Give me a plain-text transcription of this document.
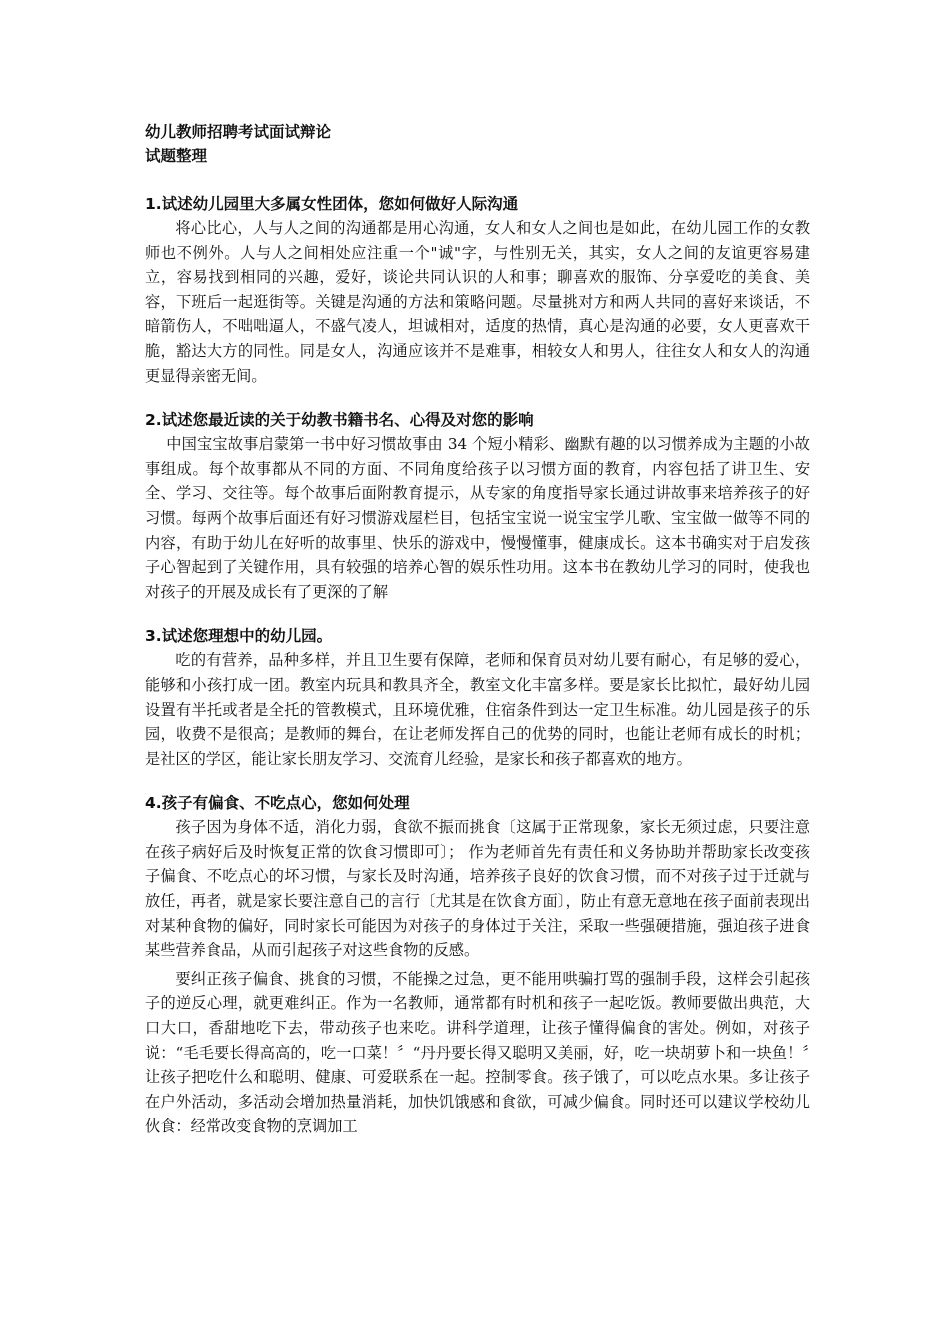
幼儿教师招聘考试面试辩论

试题整理

1.试述幼儿园里大多属女性团体，您如何做好人际沟通

将心比心，人与人之间的沟通都是用心沟通，女人和女人之间也是如此，在幼儿园工作的女教师也不例外。人与人之间相处应注重一个"诚"字，与性别无关，其实，女人之间的友谊更容易建立，容易找到相同的兴趣，爱好，谈论共同认识的人和事；聊喜欢的服饰、分享爱吃的美食、美容，下班后一起逛街等。关键是沟通的方法和策略问题。尽量挑对方和两人共同的喜好来谈话，不暗箭伤人，不咄咄逼人，不盛气凌人，坦诚相对，适度的热情，真心是沟通的必要，女人更喜欢干脆，豁达大方的同性。同是女人，沟通应该并不是难事，相较女人和男人，往往女人和女人的沟通更显得亲密无间。

2.试述您最近读的关于幼教书籍书名、心得及对您的影响

中国宝宝故事启蒙第一书中好习惯故事由 34 个短小精彩、幽默有趣的以习惯养成为主题的小故事组成。每个故事都从不同的方面、不同角度给孩子以习惯方面的教育，内容包括了讲卫生、安全、学习、交往等。每个故事后面附教育提示，从专家的角度指导家长通过讲故事来培养孩子的好习惯。每两个故事后面还有好习惯游戏屋栏目，包括宝宝说一说宝宝学儿歌、宝宝做一做等不同的内容，有助于幼儿在好听的故事里、快乐的游戏中，慢慢懂事，健康成长。这本书确实对于启发孩子心智起到了关键作用，具有较强的培养心智的娱乐性功用。这本书在教幼儿学习的同时，使我也对孩子的开展及成长有了更深的了解

3.试述您理想中的幼儿园。

吃的有营养，品种多样，并且卫生要有保障，老师和保育员对幼儿要有耐心，有足够的爱心，能够和小孩打成一团。教室内玩具和教具齐全，教室文化丰富多样。要是家长比拟忙，最好幼儿园设置有半托或者是全托的管教模式，且环境优雅，住宿条件到达一定卫生标准。幼儿园是孩子的乐园，收费不是很高；是教师的舞台，在让老师发挥自己的优势的同时，也能让老师有成长的时机；是社区的学区，能让家长朋友学习、交流育儿经验，是家长和孩子都喜欢的地方。

4.孩子有偏食、不吃点心，您如何处理

孩子因为身体不适，消化力弱，食欲不振而挑食〔这属于正常现象，家长无须过虑，只要注意在孩子病好后及时恢复正常的饮食习惯即可〕； 作为老师首先有责任和义务协助并帮助家长改变孩子偏食、不吃点心的坏习惯，与家长及时沟通，培养孩子良好的饮食习惯，而不对孩子过于迁就与放任，再者，就是家长要注意自己的言行〔尤其是在饮食方面〕，防止有意无意地在孩子面前表现出对某种食物的偏好，同时家长可能因为对孩子的身体过于关注，采取一些强硬措施，强迫孩子进食某些营养食品，从而引起孩子对这些食物的反感。

要纠正孩子偏食、挑食的习惯，不能操之过急，更不能用哄骗打骂的强制手段，这样会引起孩子的逆反心理，就更难纠正。作为一名教师，通常都有时机和孩子一起吃饭。教师要做出典范，大口大口，香甜地吃下去，带动孩子也来吃。讲科学道理，让孩子懂得偏食的害处。例如，对孩子说：“毛毛要长得高高的，吃一口菜！〞“丹丹要长得又聪明又美丽，好，吃一块胡萝卜和一块鱼！〞让孩子把吃什么和聪明、健康、可爱联系在一起。控制零食。孩子饿了，可以吃点水果。多让孩子在户外活动，多活动会增加热量消耗，加快饥饿感和食欲，可减少偏食。同时还可以建议学校幼儿伙食：经常改变食物的烹调加工
